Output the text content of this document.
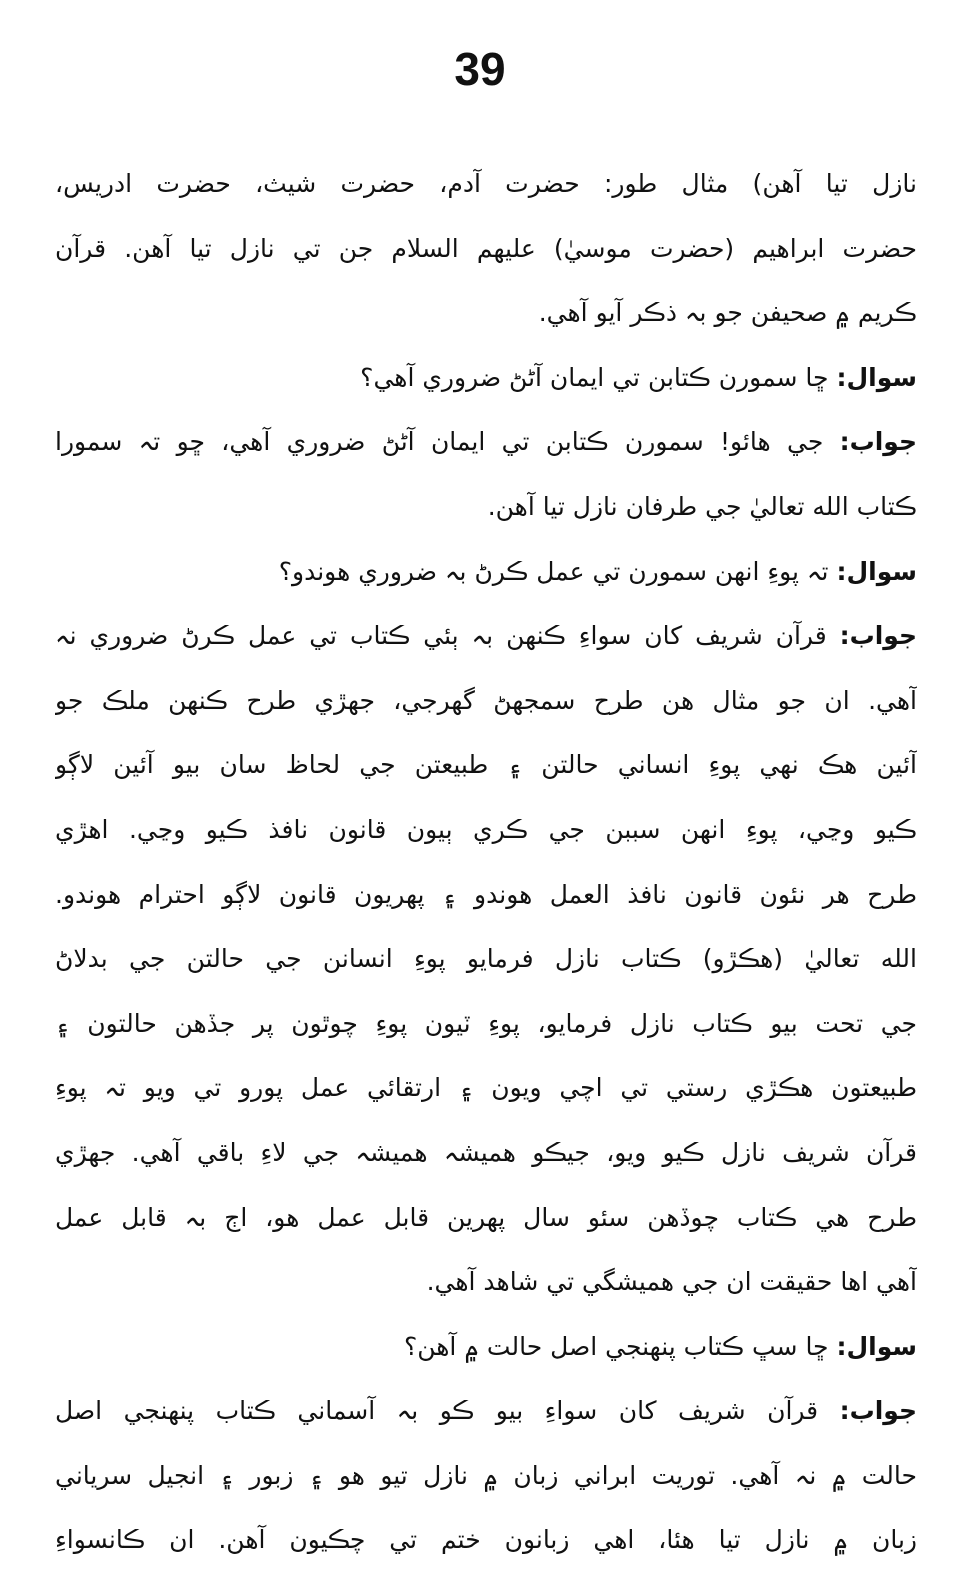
39
نازل تيا آهن) مثال طور: حضرت آدم، حضرت شيث، حضرت ادريس،
حضرت ابراهيم (حضرت موسيٰ) عليهم السلام جن تي نازل تيا آهن. قرآن
ڪريم ۾ صحيفن جو بہ ذڪر آيو آهي.
سوال: ڇا سمورن ڪتابن تي ايمان آڻڻ ضروري آهي؟
جواب: جي هائو! سمورن ڪتابن تي ايمان آڻڻ ضروري آهي، ڇو تہ سمورا
ڪتاب الله تعاليٰ جي طرفان نازل تيا آهن.
سوال: تہ پوءِ انهن سمورن تي عمل ڪرڻ بہ ضروري هوندو؟
جواب: قرآن شريف کان سواءِ ڪنهن بہ ٻئي ڪتاب تي عمل ڪرڻ ضروري نہ
آهي. ان جو مثال هن طرح سمجهڻ گهرجي، جهڙي طرح ڪنهن ملڪ جو
آئين هڪ نهي پوءِ انساني حالتن ۽ طبيعتن جي لحاظ سان بيو آئين لاڳو
ڪيو وڃي، پوءِ انهن سببن جي ڪري ٻيون قانون نافذ ڪيو وڃي. اهڙي
طرح هر نئون قانون نافذ العمل هوندو ۽ پهريون قانون لاڳو احترام هوندو.
الله تعاليٰ (هڪڙو) ڪتاب نازل فرمايو پوءِ انسانن جي حالتن جي بدلاڻ
جي تحت بيو ڪتاب نازل فرمايو، پوءِ ٽيون پوءِ چوٿون پر جڏهن حالتون ۽
طبيعتون هڪڙي رستي تي اچي ويون ۽ ارتقائي عمل پورو تي ويو تہ پوءِ
قرآن شريف نازل ڪيو ويو، جيڪو هميشہ هميشہ جي لاءِ باقي آهي. جهڙي
طرح هي ڪتاب چوڏهن سئو سال پهرين قابل عمل هو، اڄ بہ قابل عمل
آهي اها حقيقت ان جي هميشگي تي شاهد آهي.
سوال: ڇا سڀ ڪتاب پنهنجي اصل حالت ۾ آهن؟
جواب: قرآن شريف کان سواءِ بيو ڪو بہ آسماني ڪتاب پنهنجي اصل
حالت ۾ نہ آهي. توريت ابراني زبان ۾ نازل تيو هو ۽ زبور ۽ انجيل سرياني
زبان ۾ نازل تيا هئا، اهي زبانون ختم تي چڪيون آهن. ان ڪانسواءِ
